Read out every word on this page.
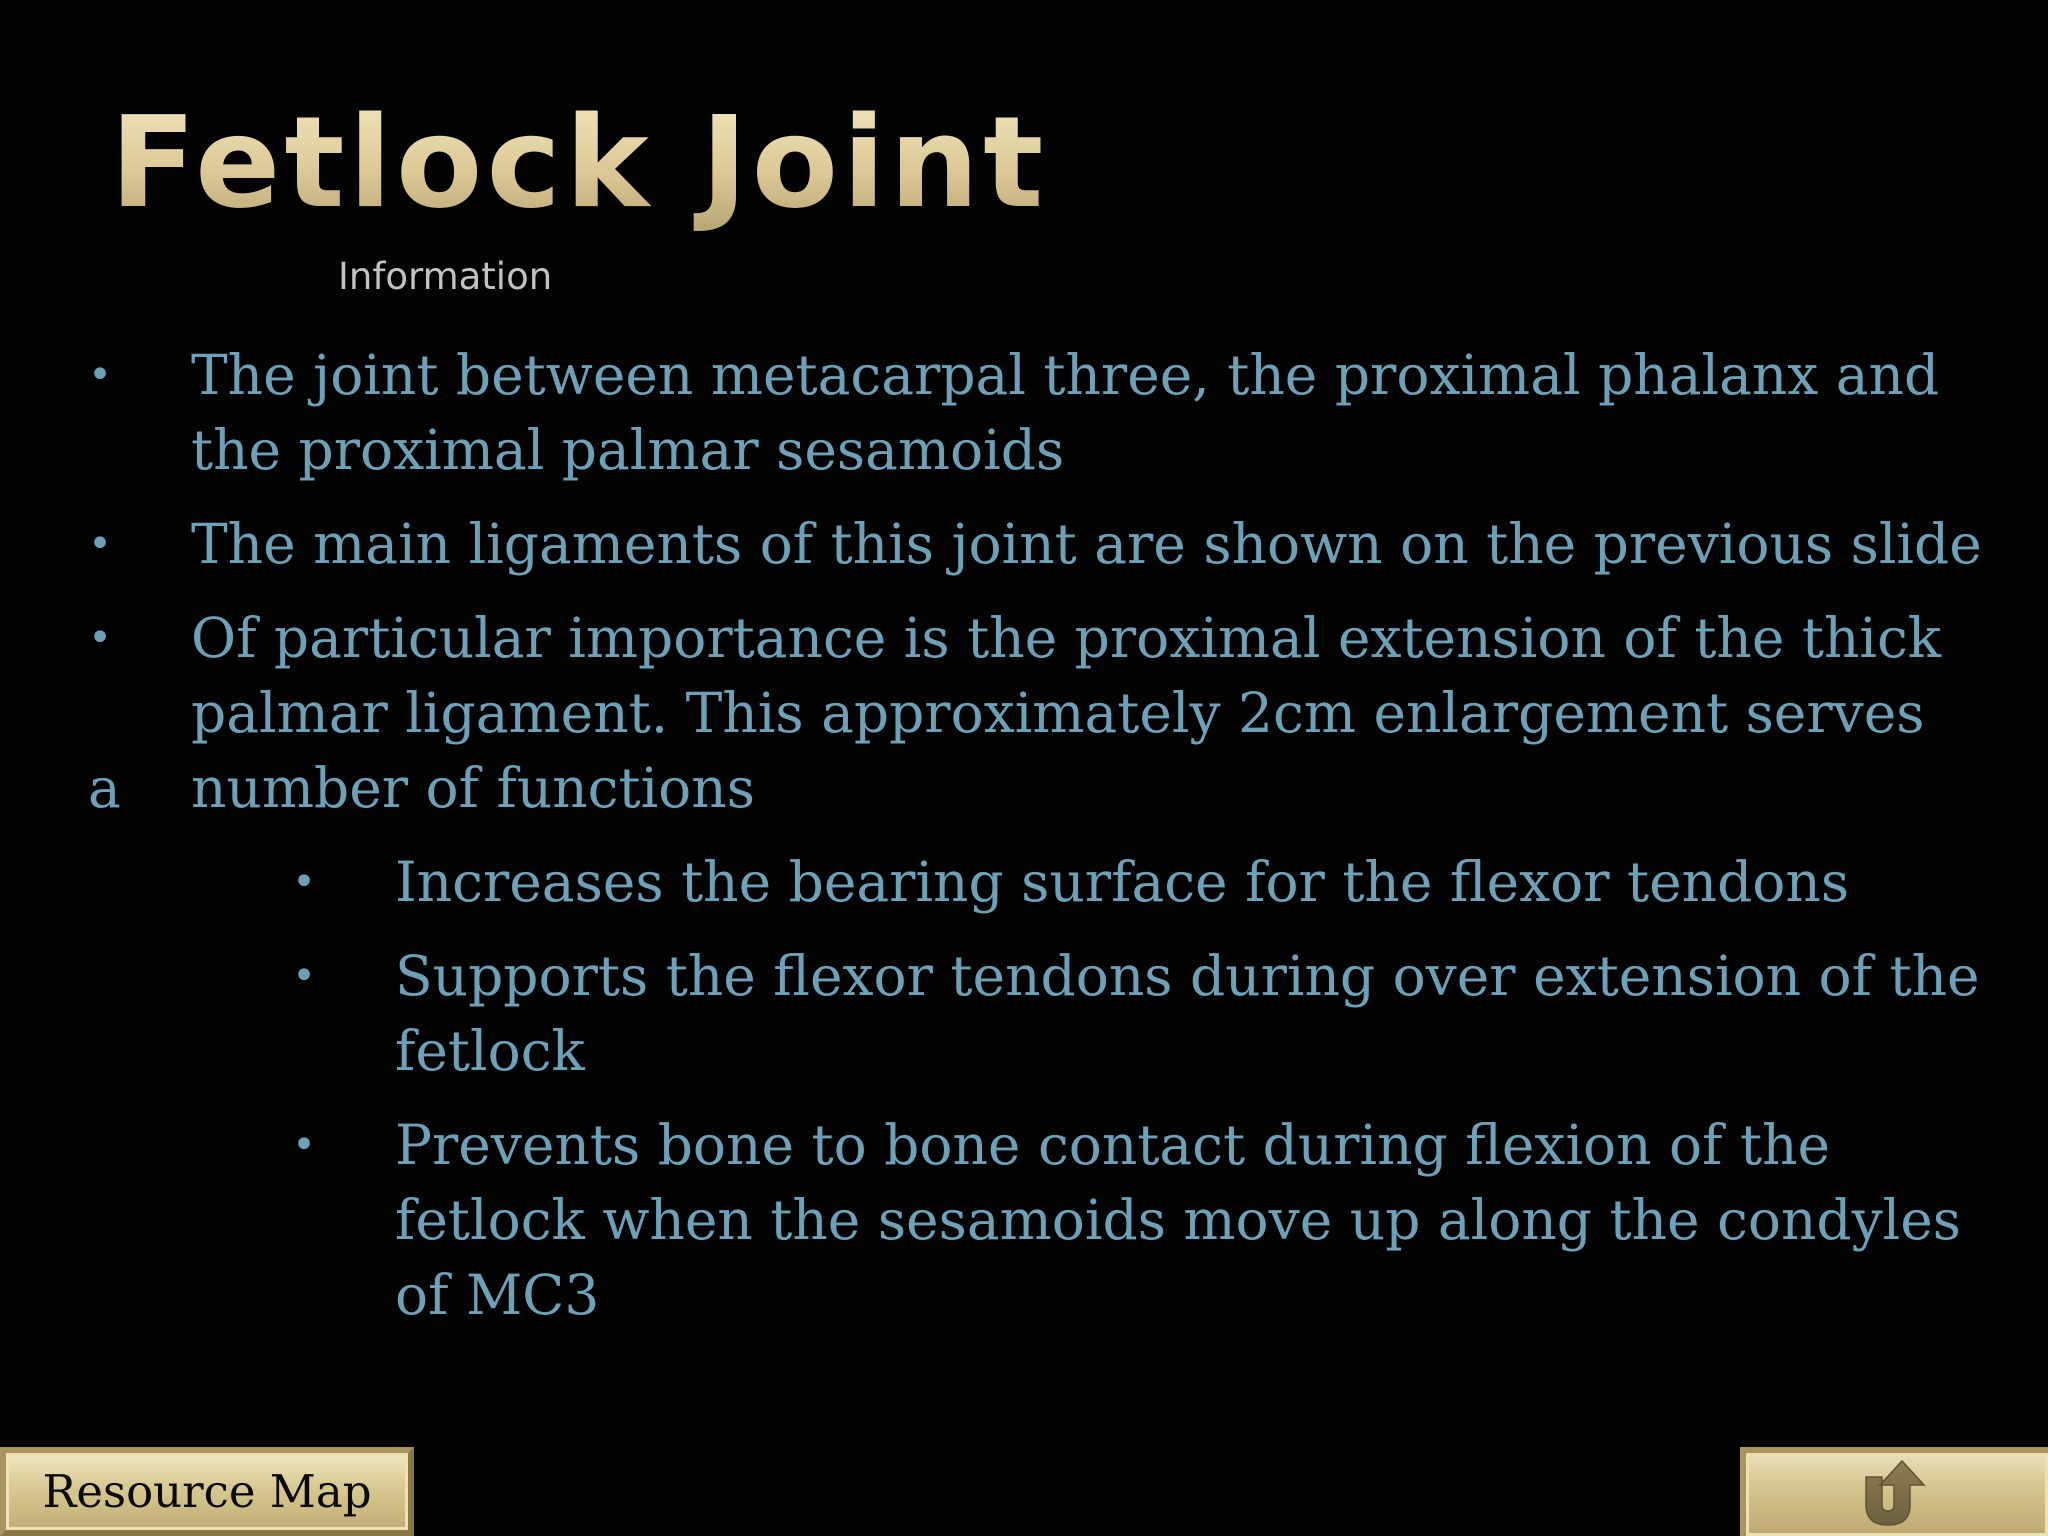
Fetlock Joint
Information
• The joint between metacarpal three, the proximal phalanx and the proximal palmar sesamoids
• The main ligaments of this joint are shown on the previous slide
• Of particular importance is the proximal extension of the thick palmar ligament. This approximately 2cm enlargement serves
number of functions
a
• Increases the bearing surface for the flexor tendons
• Supports the flexor tendons during over extension of the fetlock
• Prevents bone to bone contact during flexion of the fetlock when the sesamoids move up along the condyles of MC3
Resource Map
